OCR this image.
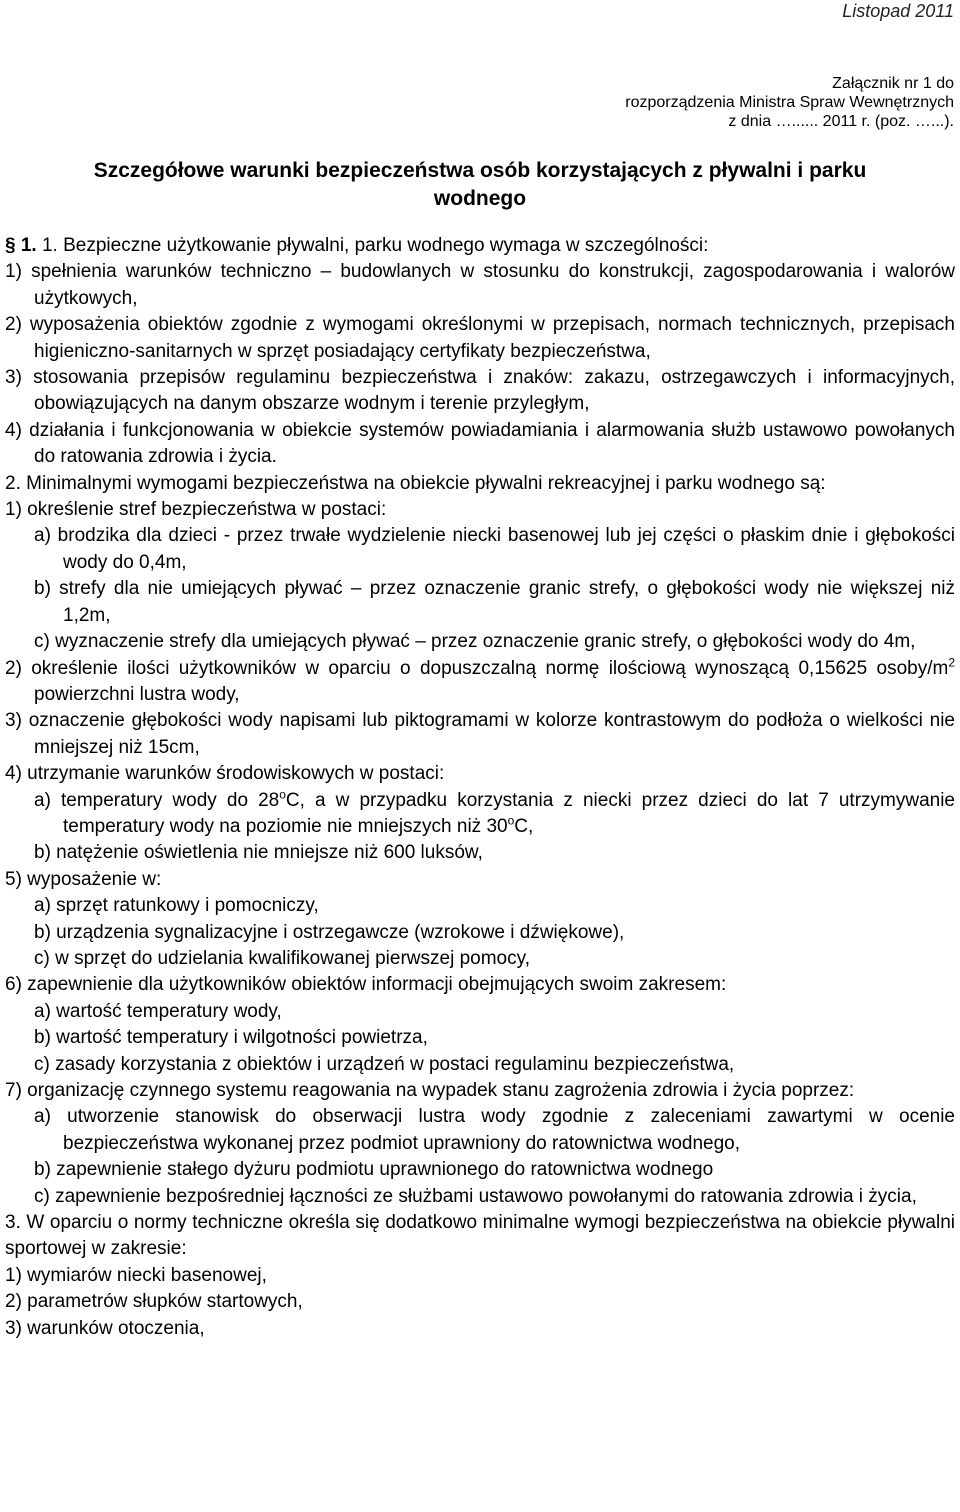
Listopad 2011
Załącznik nr 1 do
rozporządzenia Ministra Spraw Wewnętrznych
z dnia …...... 2011 r. (poz. …...).
Szczegółowe warunki bezpieczeństwa osób korzystających z pływalni i parku
wodnego
§ 1. 1. Bezpieczne użytkowanie pływalni, parku wodnego wymaga w szczególności:
1) spełnienia warunków techniczno – budowlanych w stosunku do konstrukcji, zagospodarowania i walorów użytkowych,
2) wyposażenia obiektów zgodnie z wymogami określonymi w przepisach, normach technicznych, przepisach higieniczno-sanitarnych w sprzęt posiadający certyfikaty bezpieczeństwa,
3) stosowania przepisów regulaminu bezpieczeństwa i znaków: zakazu, ostrzegawczych i informacyjnych, obowiązujących na danym obszarze wodnym i terenie przyległym,
4) działania i funkcjonowania w obiekcie systemów powiadamiania i alarmowania służb ustawowo powołanych do ratowania zdrowia i życia.
2. Minimalnymi wymogami bezpieczeństwa na obiekcie pływalni rekreacyjnej i parku wodnego są:
1) określenie stref bezpieczeństwa w postaci:
a) brodzika dla dzieci - przez trwałe wydzielenie niecki basenowej lub jej części o płaskim dnie i głębokości wody do 0,4m,
b) strefy dla nie umiejących pływać – przez oznaczenie granic strefy, o głębokości wody nie większej niż 1,2m,
c) wyznaczenie strefy dla umiejących pływać – przez oznaczenie granic strefy, o głębokości wody do 4m,
2) określenie ilości użytkowników w oparciu o dopuszczalną normę ilościową wynoszącą 0,15625 osoby/$m^2$ powierzchni lustra wody,
3) oznaczenie głębokości wody napisami lub piktogramami w kolorze kontrastowym do podłoża o wielkości nie mniejszej niż 15cm,
4) utrzymanie warunków środowiskowych w postaci:
a) temperatury wody do 28$^o$C, a w przypadku korzystania z niecki przez dzieci do lat 7 utrzymywanie temperatury wody na poziomie nie mniejszych niż 30$^o$C,
b) natężenie oświetlenia nie mniejsze niż 600 luksów,
5) wyposażenie w:
a) sprzęt ratunkowy i pomocniczy,
b) urządzenia sygnalizacyjne i ostrzegawcze (wzrokowe i dźwiękowe),
c) w sprzęt do udzielania kwalifikowanej pierwszej pomocy,
6) zapewnienie dla użytkowników obiektów informacji obejmujących swoim zakresem:
a) wartość temperatury wody,
b) wartość temperatury i wilgotności powietrza,
c) zasady korzystania z obiektów i urządzeń w postaci regulaminu bezpieczeństwa,
7) organizację czynnego systemu reagowania na wypadek stanu zagrożenia zdrowia i życia poprzez:
a) utworzenie stanowisk do obserwacji lustra wody zgodnie z zaleceniami zawartymi w ocenie bezpieczeństwa wykonanej przez podmiot uprawniony do ratownictwa wodnego,
b) zapewnienie stałego dyżuru podmiotu uprawnionego do ratownictwa wodnego
c) zapewnienie bezpośredniej łączności ze służbami ustawowo powołanymi do ratowania zdrowia i życia,
3. W oparciu o normy techniczne określa się dodatkowo minimalne wymogi bezpieczeństwa na obiekcie pływalni sportowej w zakresie:
1) wymiarów niecki basenowej,
2) parametrów słupków startowych,
3) warunków otoczenia,
